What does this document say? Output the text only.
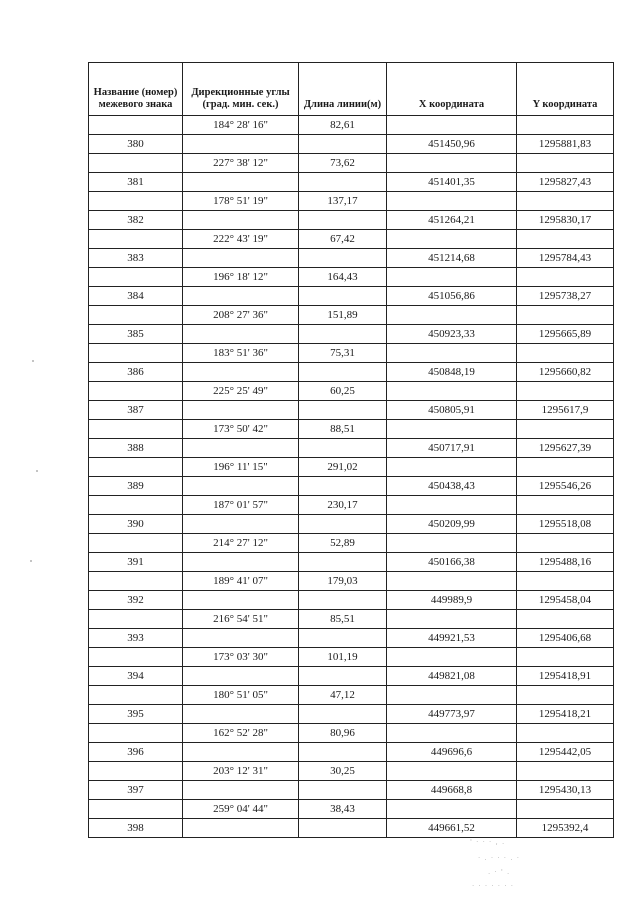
Название (номер) межевого знака	Дирекционные углы (град. мин. сек.)	Длина линии(м)	X координата	Y координата
	184° 28' 16"	82,61		
380			451450,96	1295881,83
	227° 38' 12"	73,62		
381			451401,35	1295827,43
	178° 51' 19"	137,17		
382			451264,21	1295830,17
	222° 43' 19"	67,42		
383			451214,68	1295784,43
	196° 18' 12"	164,43		
384			451056,86	1295738,27
	208° 27' 36"	151,89		
385			450923,33	1295665,89
	183° 51' 36"	75,31		
386			450848,19	1295660,82
	225° 25' 49"	60,25		
387			450805,91	1295617,9
	173° 50' 42"	88,51		
388			450717,91	1295627,39
	196° 11' 15"	291,02		
389			450438,43	1295546,26
	187° 01' 57"	230,17		
390			450209,99	1295518,08
	214° 27' 12"	52,89		
391			450166,38	1295488,16
	189° 41' 07"	179,03		
392			449989,9	1295458,04
	216° 54' 51"	85,51		
393			449921,53	1295406,68
	173° 03' 30"	101,19		
394			449821,08	1295418,91
	180° 51' 05"	47,12		
395			449773,97	1295418,21
	162° 52' 28"	80,96		
396			449696,6	1295442,05
	203° 12' 31"	30,25		
397			449668,8	1295430,13
	259° 04' 44"	38,43		
398			449661,52	1295392,4
' · · · , .
· . · · · . ·
. · ' .
· · · · · · ·
